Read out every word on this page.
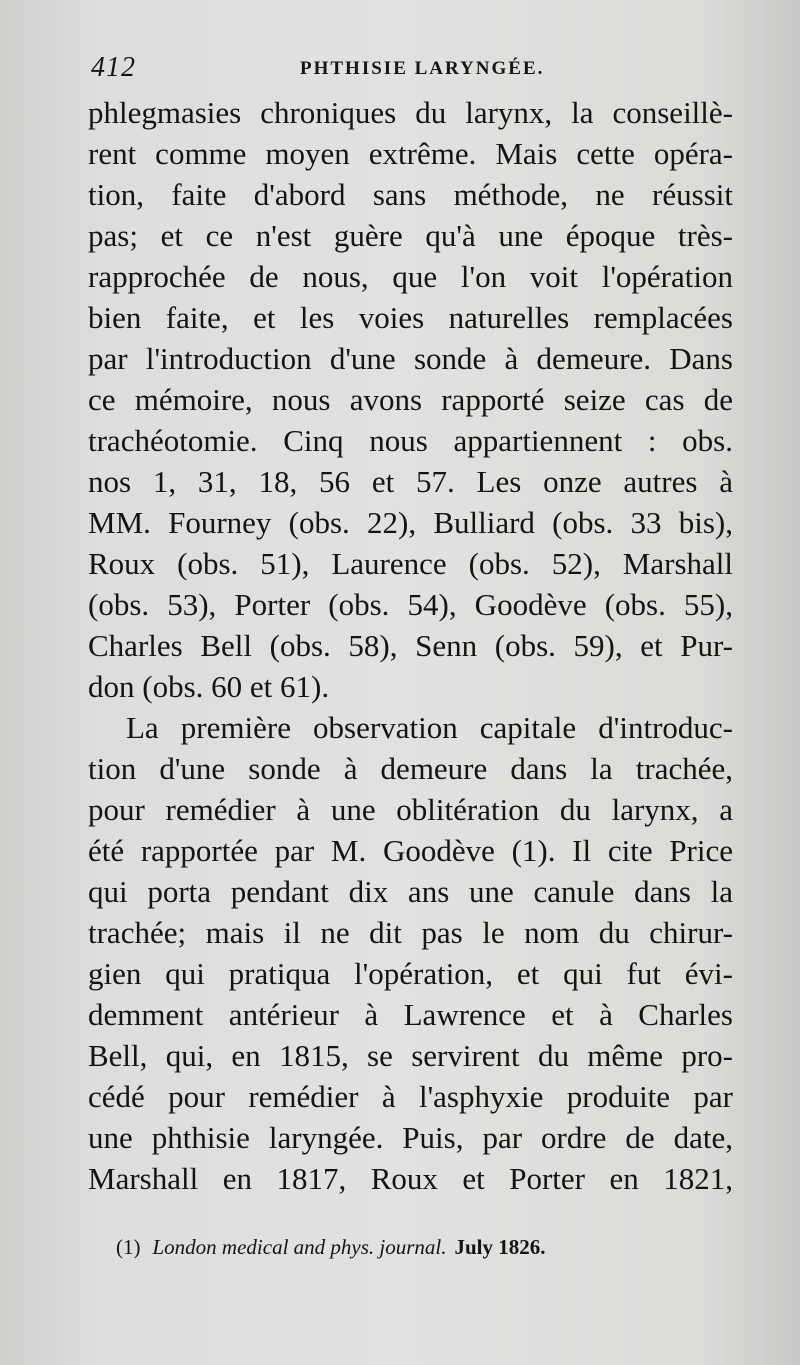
412	PHTHISIE LARYNGÉE.
phlegmasies chroniques du larynx, la conseillè-
rent comme moyen extrême. Mais cette opéra-
tion, faite d'abord sans méthode, ne réussit
pas; et ce n'est guère qu'à une époque très-
rapprochée de nous, que l'on voit l'opération
bien faite, et les voies naturelles remplacées
par l'introduction d'une sonde à demeure. Dans
ce mémoire, nous avons rapporté seize cas de
trachéotomie. Cinq nous appartiennent : obs.
nos 1, 31, 18, 56 et 57. Les onze autres à
MM. Fourney (obs. 22), Bulliard (obs. 33 bis),
Roux (obs. 51), Laurence (obs. 52), Marshall
(obs. 53), Porter (obs. 54), Goodève (obs. 55),
Charles Bell (obs. 58), Senn (obs. 59), et Pur-
don (obs. 60 et 61).
La première observation capitale d'introduc-
tion d'une sonde à demeure dans la trachée,
pour remédier à une oblitération du larynx, a
été rapportée par M. Goodève (1). Il cite Price
qui porta pendant dix ans une canule dans la
trachée; mais il ne dit pas le nom du chirur-
gien qui pratiqua l'opération, et qui fut évi-
demment antérieur à Lawrence et à Charles
Bell, qui, en 1815, se servirent du même pro-
cédé pour remédier à l'asphyxie produite par
une phthisie laryngée. Puis, par ordre de date,
Marshall en 1817, Roux et Porter en 1821,
(1) London medical and phys. journal. July 1826.
